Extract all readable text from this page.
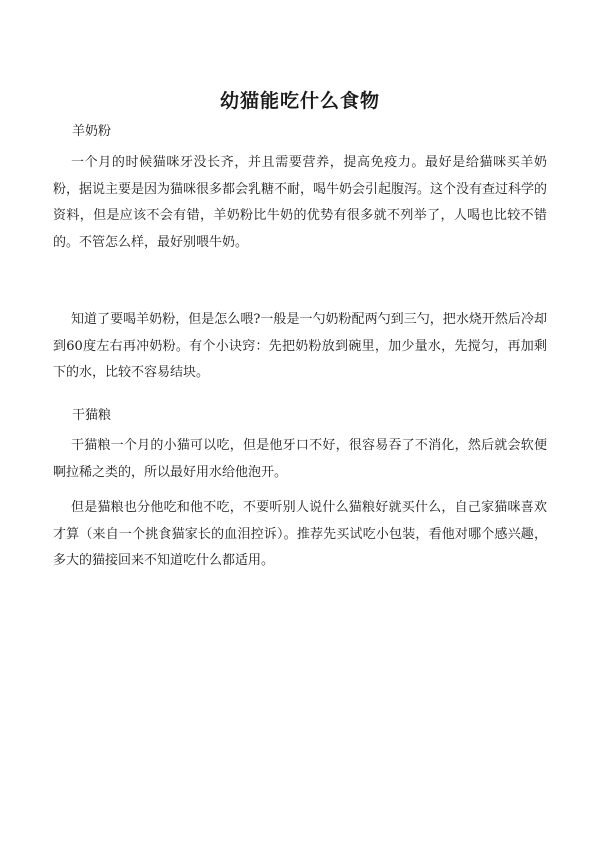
幼猫能吃什么食物

羊奶粉

一个月的时候猫咪牙没长齐，并且需要营养，提高免疫力。最好是给猫咪买羊奶粉，据说主要是因为猫咪很多都会乳糖不耐，喝牛奶会引起腹泻。这个没有查过科学的资料，但是应该不会有错，羊奶粉比牛奶的优势有很多就不列举了，人喝也比较不错的。不管怎么样，最好别喂牛奶。

知道了要喝羊奶粉，但是怎么喂?一般是一勺奶粉配两勺到三勺，把水烧开然后冷却到60度左右再冲奶粉。有个小诀窍：先把奶粉放到碗里，加少量水，先搅匀，再加剩下的水，比较不容易结块。

干猫粮

干猫粮一个月的小猫可以吃，但是他牙口不好，很容易吞了不消化，然后就会软便啊拉稀之类的，所以最好用水给他泡开。

但是猫粮也分他吃和他不吃，不要听别人说什么猫粮好就买什么，自己家猫咪喜欢才算（来自一个挑食猫家长的血泪控诉）。推荐先买试吃小包装，看他对哪个感兴趣，多大的猫接回来不知道吃什么都适用。
